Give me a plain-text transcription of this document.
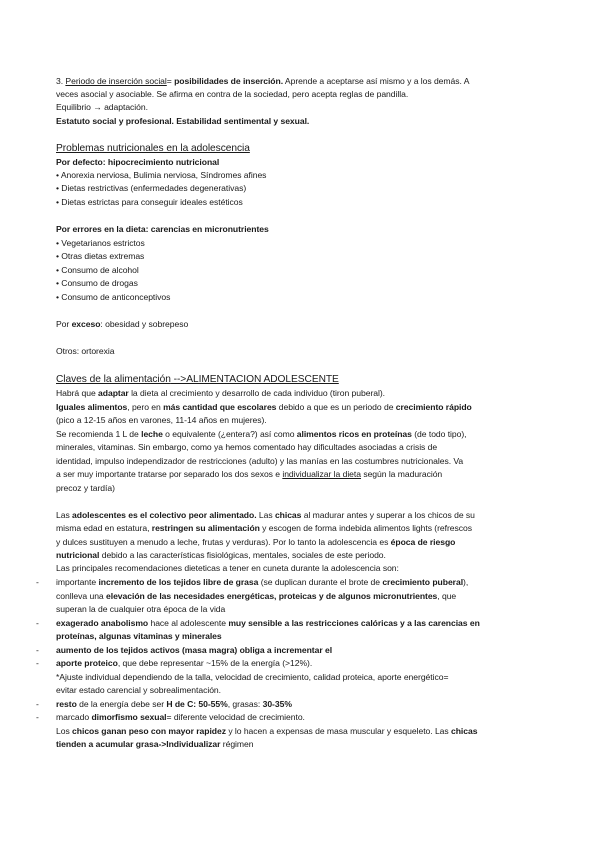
3. Periodo de inserción social= posibilidades de inserción. Aprende a aceptarse así mismo y a los demás. A
veces asocial y asociable. Se afirma en contra de la sociedad, pero acepta reglas de pandilla.
Equilibrio → adaptación.
Estatuto social y profesional. Estabilidad sentimental y sexual.
Problemas nutricionales en la adolescencia
Por defecto: hipocrecimiento nutricional
• Anorexia nerviosa, Bulimia nerviosa, Síndromes afines
• Dietas restrictivas (enfermedades degenerativas)
• Dietas estrictas para conseguir ideales estéticos
Por errores en la dieta: carencias en micronutrientes
• Vegetarianos estrictos
• Otras dietas extremas
• Consumo de alcohol
• Consumo de drogas
• Consumo de anticonceptivos
Por exceso: obesidad y sobrepeso
Otros: ortorexia
Claves de la alimentación -->ALIMENTACION ADOLESCENTE
Habrá que adaptar la dieta al crecimiento y desarrollo de cada individuo (tiron puberal).
Iguales alimentos, pero en más cantidad que escolares debido a que es un periodo de crecimiento rápido
(pico a 12-15 años en varones, 11-14 años en mujeres).
Se recomienda 1 L de leche o equivalente (¿entera?) así como alimentos ricos en proteínas (de todo tipo),
minerales, vitaminas. Sin embargo, como ya hemos comentado hay dificultades asociadas a crisis de
identidad, impulso independizador de restricciones (adulto) y las manías en las costumbres nutricionales. Va
a ser muy importante tratarse por separado los dos sexos e individualizar la dieta según la maduración
precoz y tardía)
Las adolescentes es el colectivo peor alimentado. Las chicas al madurar antes y superar a los chicos de su
misma edad en estatura, restringen su alimentación y escogen de forma indebida alimentos lights (refrescos
y dulces sustituyen a menudo a leche, frutas y verduras). Por lo tanto la adolescencia es época de riesgo
nutricional debido a las características fisiológicas, mentales, sociales de este periodo.
Las principales recomendaciones dieteticas a tener en cuneta durante la adolescencia son:
- importante incremento de los tejidos libre de grasa (se duplican durante el brote de crecimiento puberal),
conlleva una elevación de las necesidades energéticas, proteicas y de algunos micronutrientes, que
superan la de cualquier otra época de la vida
- exagerado anabolismo hace al adolescente muy sensible a las restricciones calóricas y a las carencias en
proteínas, algunas vitaminas y minerales
- aumento de los tejidos activos (masa magra) obliga a incrementar el
- aporte proteico, que debe representar ~15% de la energía (>12%).
*Ajuste individual dependiendo de la talla, velocidad de crecimiento, calidad proteica, aporte energético=
evitar estado carencial y sobrealimentación.
- resto de la energía debe ser H de C: 50-55%, grasas: 30-35%
- marcado dimorfismo sexual= diferente velocidad de crecimiento.
Los chicos ganan peso con mayor rapidez y lo hacen a expensas de masa muscular y esqueleto. Las chicas
tienden a acumular grasa->Individualizar régimen
